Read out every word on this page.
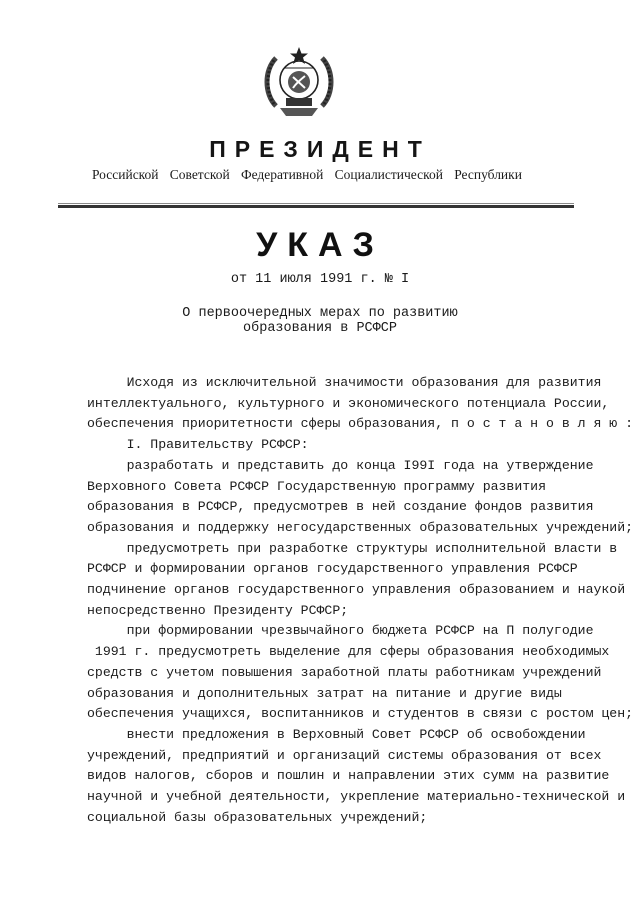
ПРЕЗИДЕНТ
Российской Советской Федеративной Социалистической Республики
УКАЗ
от 11 июля 1991 г. № I
О первоочередных мерах по развитию
образования в РСФСР
Исходя из исключительной значимости образования для развития
интеллектуального, культурного и экономического потенциала России,
обеспечения приоритетности сферы образования, п о с т а н о в л я ю :
I. Правительству РСФСР:
разработать и представить до конца I99I года на утверждение
Верховного Совета РСФСР Государственную программу развития
образования в РСФСР, предусмотрев в ней создание фондов развития
образования и поддержку негосударственных образовательных учреждений;
предусмотреть при разработке структуры исполнительной власти в
РСФСР и формировании органов государственного управления РСФСР
подчинение органов государственного управления образованием и наукой
непосредственно Президенту РСФСР;
при формировании чрезвычайного бюджета РСФСР на П полугодие
1991 г. предусмотреть выделение для сферы образования необходимых
средств с учетом повышения заработной платы работникам учреждений
образования и дополнительных затрат на питание и другие виды
обеспечения учащихся, воспитанников и студентов в связи с ростом цен;
внести предложения в Верховный Совет РСФСР об освобождении
учреждений, предприятий и организаций системы образования от всех
видов налогов, сборов и пошлин и направлении этих сумм на развитие
научной и учебной деятельности, укрепление материально-технической и
социальной базы образовательных учреждений;
